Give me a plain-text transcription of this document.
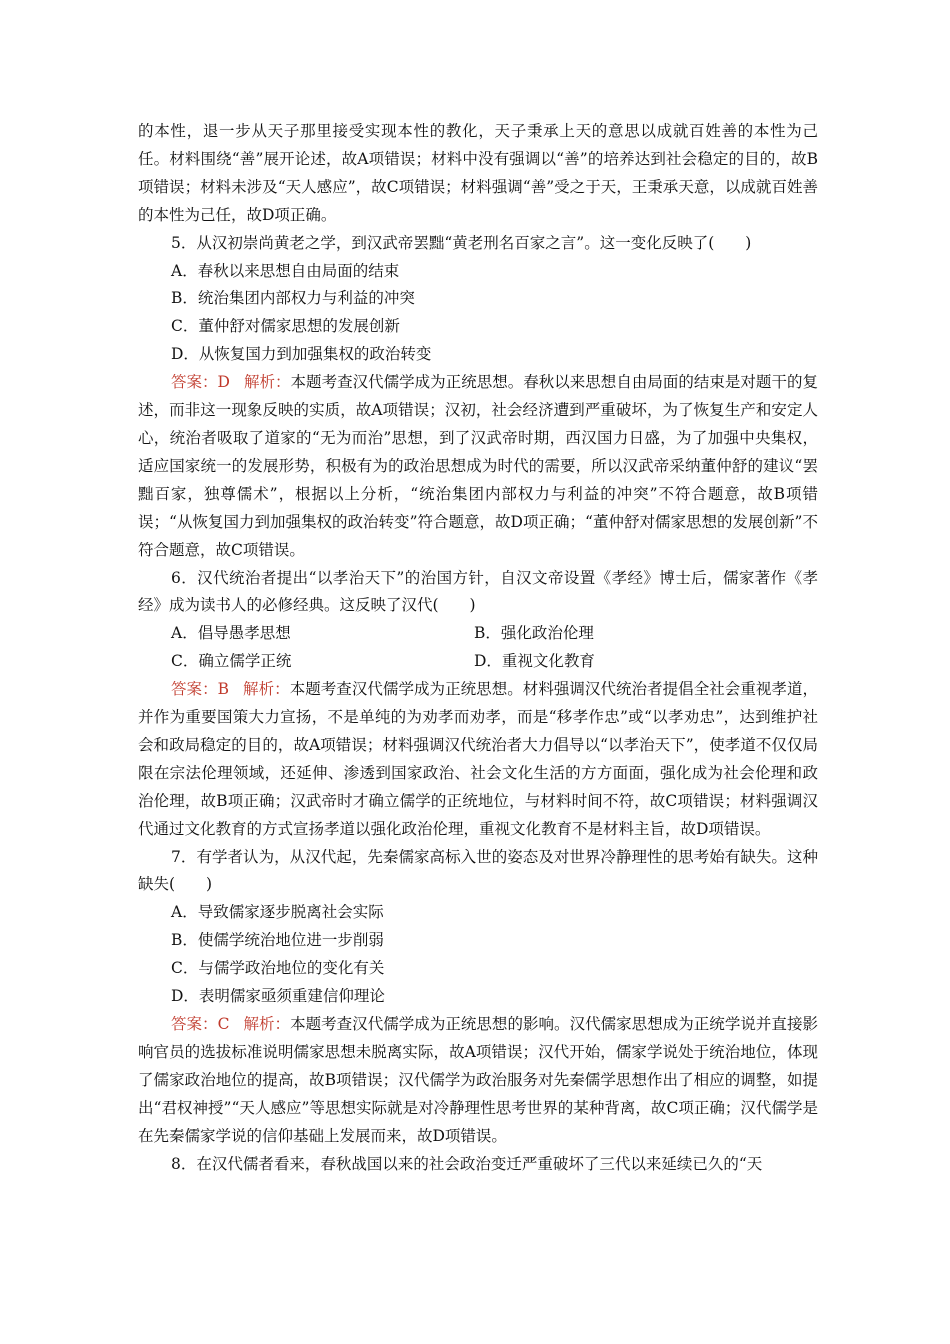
的本性，退一步从天子那里接受实现本性的教化，天子秉承上天的意思以成就百姓善的本性为己任。材料围绕“善”展开论述，故A项错误；材料中没有强调以“善”的培养达到社会稳定的目的，故B项错误；材料未涉及“天人感应”，故C项错误；材料强调“善”受之于天，王秉承天意，以成就百姓善的本性为己任，故D项正确。

5．从汉初崇尚黄老之学，到汉武帝罢黜“黄老刑名百家之言”。这一变化反映了(　　)

A．春秋以来思想自由局面的结束
B．统治集团内部权力与利益的冲突
C．董仲舒对儒家思想的发展创新
D．从恢复国力到加强集权的政治转变

答案：D 解析：本题考查汉代儒学成为正统思想。春秋以来思想自由局面的结束是对题干的复述，而非这一现象反映的实质，故A项错误；汉初，社会经济遭到严重破坏，为了恢复生产和安定人心，统治者吸取了道家的“无为而治”思想，到了汉武帝时期，西汉国力日盛，为了加强中央集权，适应国家统一的发展形势，积极有为的政治思想成为时代的需要，所以汉武帝采纳董仲舒的建议“罢黜百家，独尊儒术”，根据以上分析，“统治集团内部权力与利益的冲突”不符合题意，故B项错误；“从恢复国力到加强集权的政治转变”符合题意，故D项正确；“董仲舒对儒家思想的发展创新”不符合题意，故C项错误。

6．汉代统治者提出“以孝治天下”的治国方针，自汉文帝设置《孝经》博士后，儒家著作《孝经》成为读书人的必修经典。这反映了汉代(　　)

A．倡导愚孝思想	B．强化政治伦理
C．确立儒学正统	D．重视文化教育

答案：B 解析：本题考查汉代儒学成为正统思想。材料强调汉代统治者提倡全社会重视孝道，并作为重要国策大力宣扬，不是单纯的为劝孝而劝孝，而是“移孝作忠”或“以孝劝忠”，达到维护社会和政局稳定的目的，故A项错误；材料强调汉代统治者大力倡导以“以孝治天下”，使孝道不仅仅局限在宗法伦理领域，还延伸、渗透到国家政治、社会文化生活的方方面面，强化成为社会伦理和政治伦理，故B项正确；汉武帝时才确立儒学的正统地位，与材料时间不符，故C项错误；材料强调汉代通过文化教育的方式宣扬孝道以强化政治伦理，重视文化教育不是材料主旨，故D项错误。

7．有学者认为，从汉代起，先秦儒家高标入世的姿态及对世界冷静理性的思考始有缺失。这种缺失(　　)

A．导致儒家逐步脱离社会实际
B．使儒学统治地位进一步削弱
C．与儒学政治地位的变化有关
D．表明儒家亟须重建信仰理论

答案：C 解析：本题考查汉代儒学成为正统思想的影响。汉代儒家思想成为正统学说并直接影响官员的选拔标准说明儒家思想未脱离实际，故A项错误；汉代开始，儒家学说处于统治地位，体现了儒家政治地位的提高，故B项错误；汉代儒学为政治服务对先秦儒学思想作出了相应的调整，如提出“君权神授”“天人感应”等思想实际就是对冷静理性思考世界的某种背离，故C项正确；汉代儒学是在先秦儒家学说的信仰基础上发展而来，故D项错误。

8．在汉代儒者看来，春秋战国以来的社会政治变迁严重破坏了三代以来延续已久的“天
